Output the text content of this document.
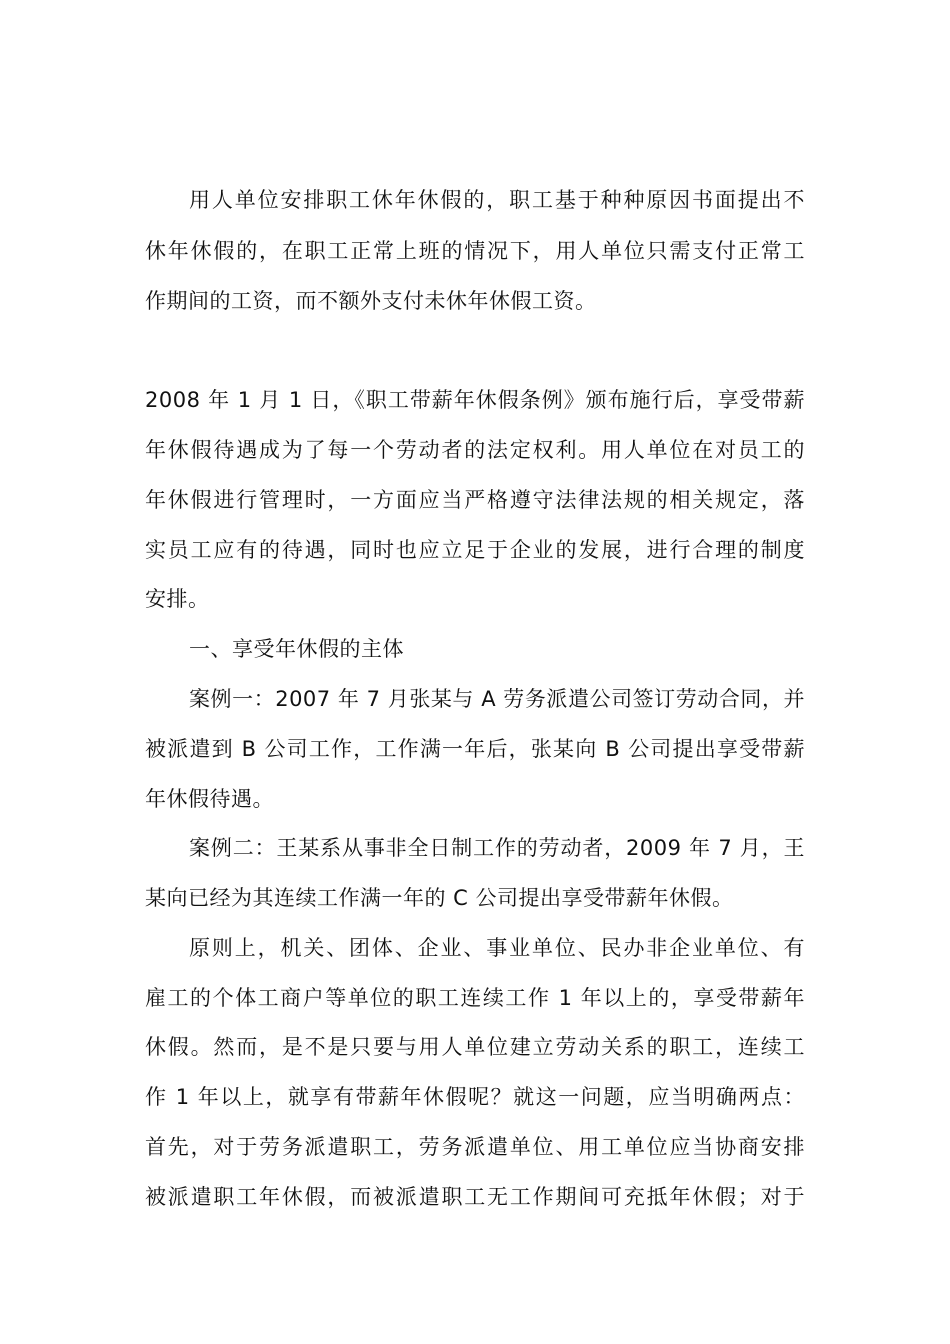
用人单位安排职工休年休假的，职工基于种种原因书面提出不
休年休假的，在职工正常上班的情况下，用人单位只需支付正常工
作期间的工资，而不额外支付未休年休假工资。
2008 年 1 月 1 日，《职工带薪年休假条例》颁布施行后，享受带薪
年休假待遇成为了每一个劳动者的法定权利。用人单位在对员工的
年休假进行管理时，一方面应当严格遵守法律法规的相关规定，落
实员工应有的待遇，同时也应立足于企业的发展，进行合理的制度
安排。
一、享受年休假的主体
案例一：2007 年 7 月张某与 A 劳务派遣公司签订劳动合同，并
被派遣到 B 公司工作，工作满一年后，张某向 B 公司提出享受带薪
年休假待遇。
案例二：王某系从事非全日制工作的劳动者，2009 年 7 月，王
某向已经为其连续工作满一年的 C 公司提出享受带薪年休假。
原则上，机关、团体、企业、事业单位、民办非企业单位、有
雇工的个体工商户等单位的职工连续工作 1 年以上的，享受带薪年
休假。然而，是不是只要与用人单位建立劳动关系的职工，连续工
作 1 年以上，就享有带薪年休假呢？就这一问题，应当明确两点：
首先，对于劳务派遣职工，劳务派遣单位、用工单位应当协商安排
被派遣职工年休假，而被派遣职工无工作期间可充抵年休假；对于
